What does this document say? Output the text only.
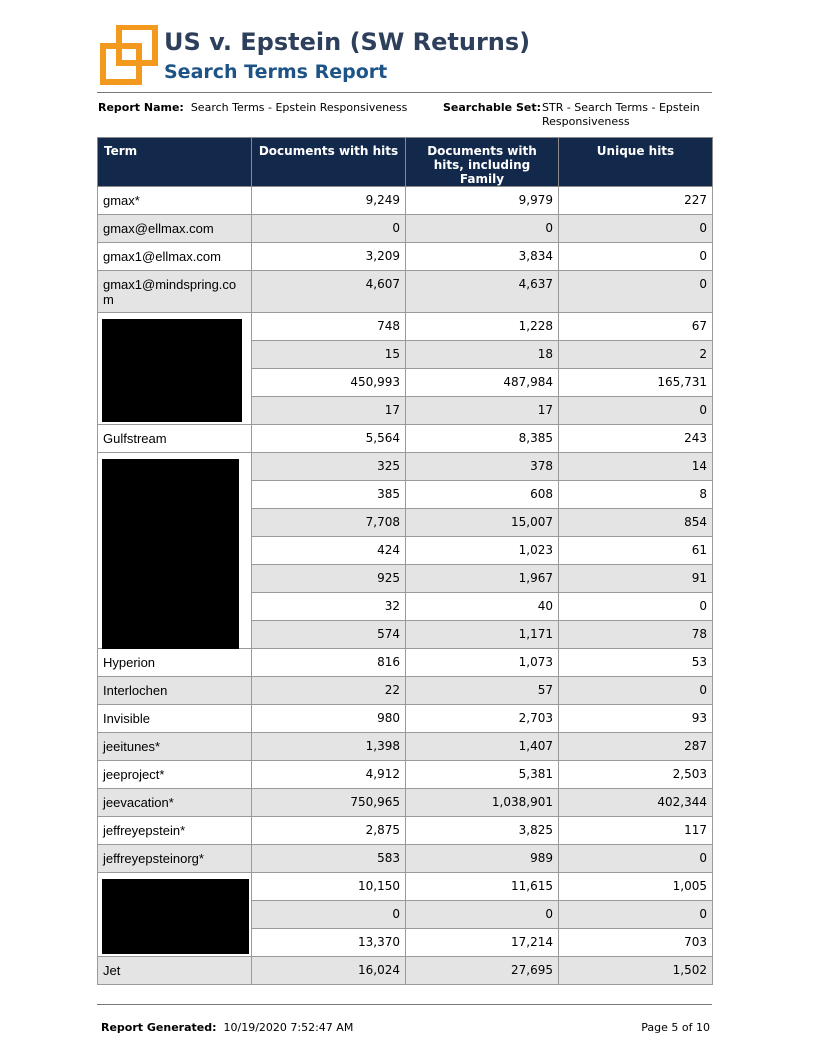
US v. Epstein (SW Returns)
Search Terms Report
Report Name: Search Terms - Epstein Responsiveness	Searchable Set: STR - Search Terms - Epstein Responsiveness
Term	Documents with hits	Documents with hits, including Family	Unique hits
gmax*	9,249	9,979	227
gmax@ellmax.com	0	0	0
gmax1@ellmax.com	3,209	3,834	0
gmax1@mindspring.com	4,607	4,637	0

	748	1,228	67
	15	18	2
	450,993	487,984	165,731
	17	17	0
Gulfstream	5,564	8,385	243

	325	378	14
	385	608	8
	7,708	15,007	854
	424	1,023	61
	925	1,967	91
	32	40	0
	574	1,171	78
Hyperion	816	1,073	53
Interlochen	22	57	0
Invisible	980	2,703	93
jeeitunes*	1,398	1,407	287
jeeproject*	4,912	5,381	2,503
jeevacation*	750,965	1,038,901	402,344
jeffreyepstein*	2,875	3,825	117
jeffreyepsteinorg*	583	989	0

	10,150	11,615	1,005
	0	0	0
	13,370	17,214	703
Jet	16,024	27,695	1,502
Report Generated: 10/19/2020 7:52:47 AM	Page 5 of 10
